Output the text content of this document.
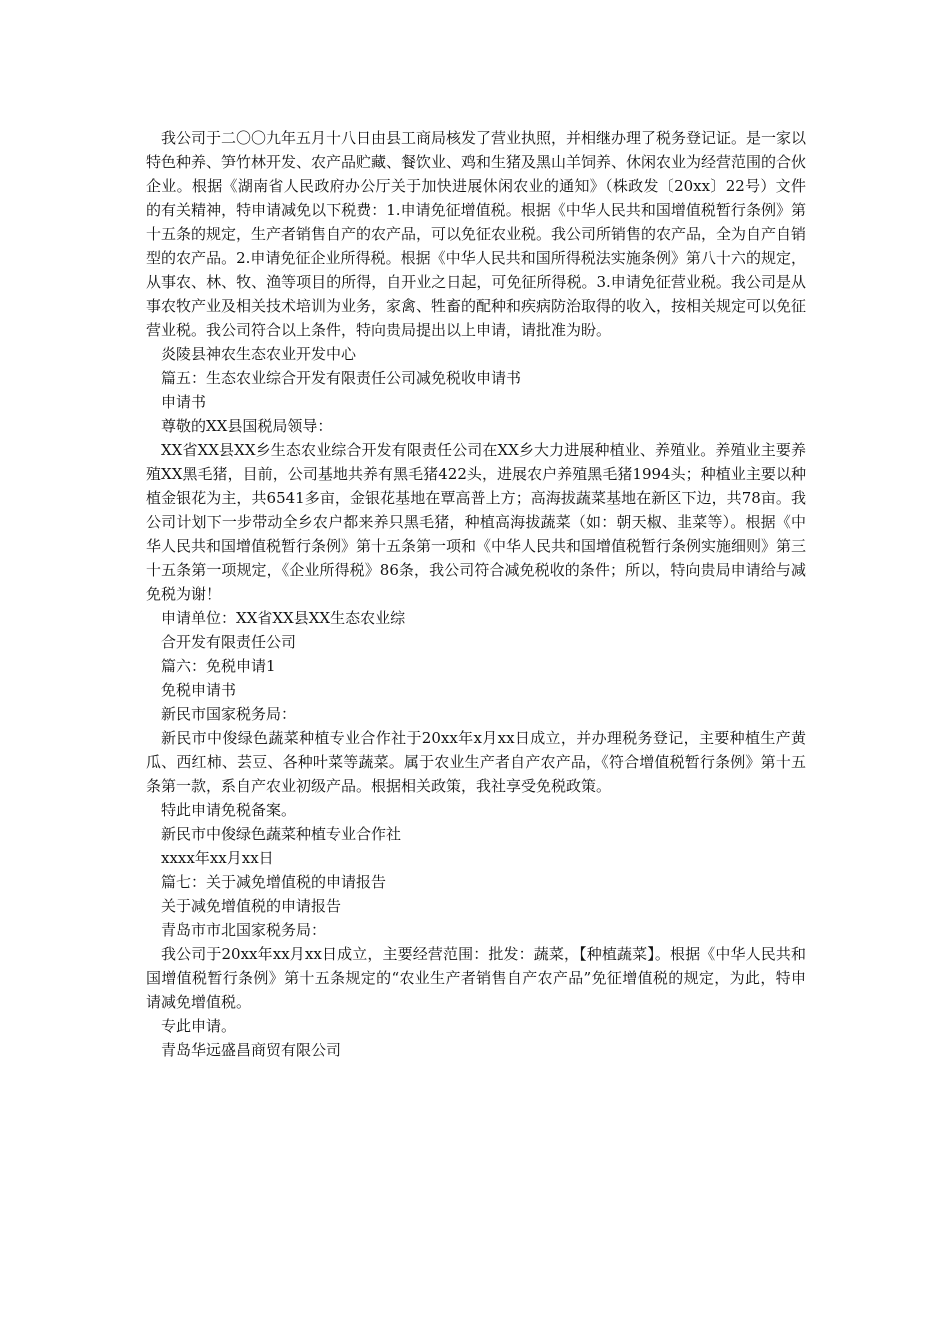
我公司于二〇〇九年五月十八日由县工商局核发了营业执照，并相继办理了税务登记证。是一家以特色种养、笋竹林开发、农产品贮藏、餐饮业、鸡和生猪及黑山羊饲养、休闲农业为经营范围的合伙企业。根据《湖南省人民政府办公厅关于加快进展休闲农业的通知》（株政发〔20xx〕22号）文件的有关精神，特申请减免以下税费：1.申请免征增值税。根据《中华人民共和国增值税暂行条例》第十五条的规定，生产者销售自产的农产品，可以免征农业税。我公司所销售的农产品，全为自产自销型的农产品。2.申请免征企业所得税。根据《中华人民共和国所得税法实施条例》第八十六的规定，从事农、林、牧、渔等项目的所得，自开业之日起，可免征所得税。3.申请免征营业税。我公司是从事农牧产业及相关技术培训为业务，家禽、牲畜的配种和疾病防治取得的收入，按相关规定可以免征营业税。我公司符合以上条件，特向贵局提出以上申请，请批准为盼。

炎陵县神农生态农业开发中心

篇五：生态农业综合开发有限责任公司减免税收申请书

申请书

尊敬的XX县国税局领导：

XX省XX县XX乡生态农业综合开发有限责任公司在XX乡大力进展种植业、养殖业。养殖业主要养殖XX黑毛猪，目前，公司基地共养有黑毛猪422头，进展农户养殖黑毛猪1994头；种植业主要以种植金银花为主，共6541多亩，金银花基地在覃高普上方；高海拔蔬菜基地在新区下边，共78亩。我公司计划下一步带动全乡农户都来养只黑毛猪，种植高海拔蔬菜（如：朝天椒、韭菜等）。根据《中华人民共和国增值税暂行条例》第十五条第一项和《中华人民共和国增值税暂行条例实施细则》第三十五条第一项规定，《企业所得税》86条，我公司符合减免税收的条件；所以，特向贵局申请给与减免税为谢！

申请单位：XX省XX县XX生态农业综

合开发有限责任公司

篇六：免税申请1

免税申请书

新民市国家税务局：

新民市中俊绿色蔬菜种植专业合作社于20xx年x月xx日成立，并办理税务登记，主要种植生产黄瓜、西红柿、芸豆、各种叶菜等蔬菜。属于农业生产者自产农产品，《符合增值税暂行条例》第十五条第一款，系自产农业初级产品。根据相关政策，我社享受免税政策。

特此申请免税备案。

新民市中俊绿色蔬菜种植专业合作社

xxxx年xx月xx日

篇七：关于减免增值税的申请报告

关于减免增值税的申请报告

青岛市市北国家税务局：

我公司于20xx年xx月xx日成立，主要经营范围：批发：蔬菜，【种植蔬菜】。根据《中华人民共和国增值税暂行条例》第十五条规定的“农业生产者销售自产农产品”免征增值税的规定，为此，特申请减免增值税。

专此申请。

青岛华远盛昌商贸有限公司
